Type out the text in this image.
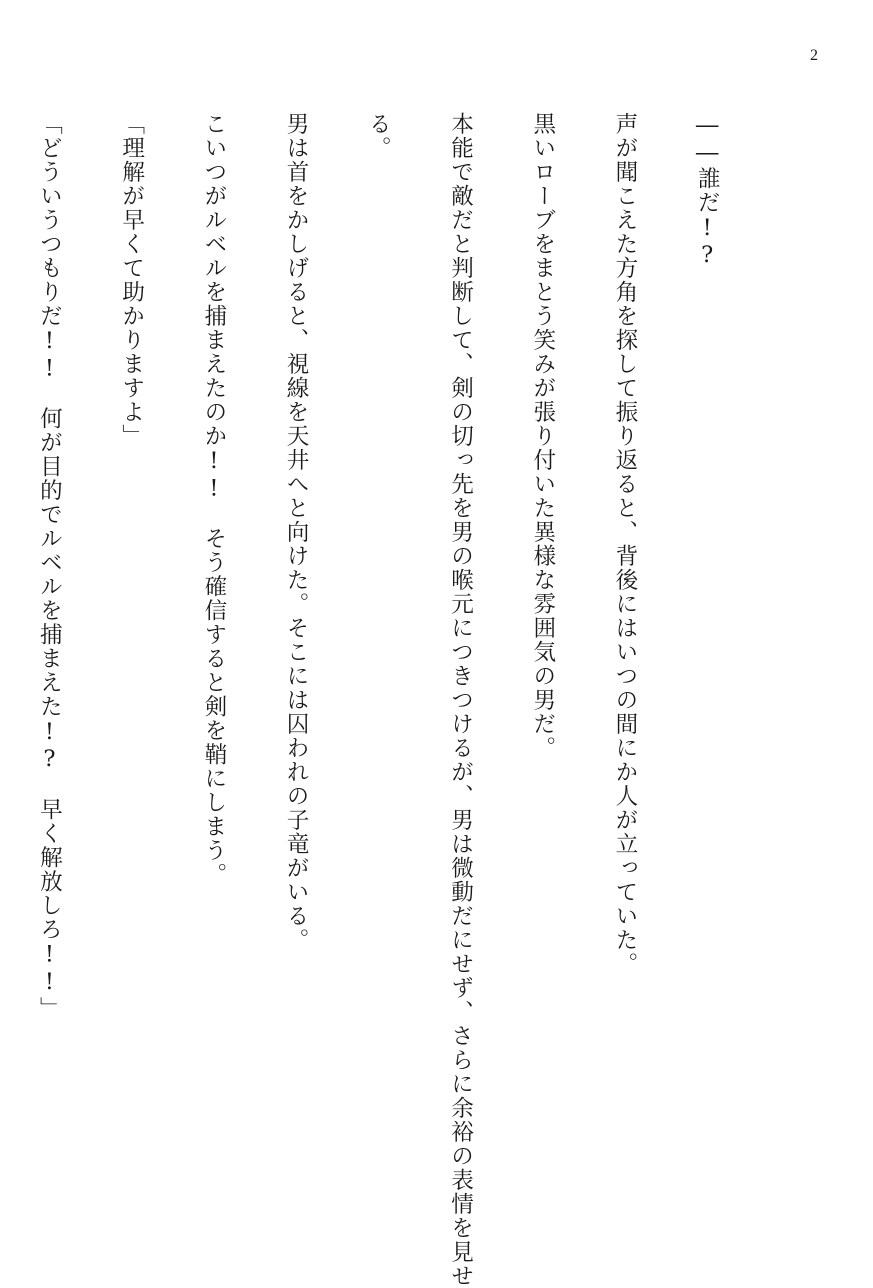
2

――誰だ!?

声が聞こえた方角を探して振り返ると、背後にはいつの間にか人が立っていた。

黒いローブをまとう笑みが張り付いた異様な雰囲気の男だ。

本能で敵だと判断して、剣の切っ先を男の喉元につきつけるが、男は微動だにせず、さらに余裕の表情を見せ

る。

男は首をかしげると、視線を天井へと向けた。そこには囚われの子竜がいる。

こいつがルベルを捕まえたのか!!　そう確信すると剣を鞘にしまう。

「理解が早くて助かりますよ」

「どういうつもりだ!!　何が目的でルベルを捕まえた!?　早く解放しろ!!」
